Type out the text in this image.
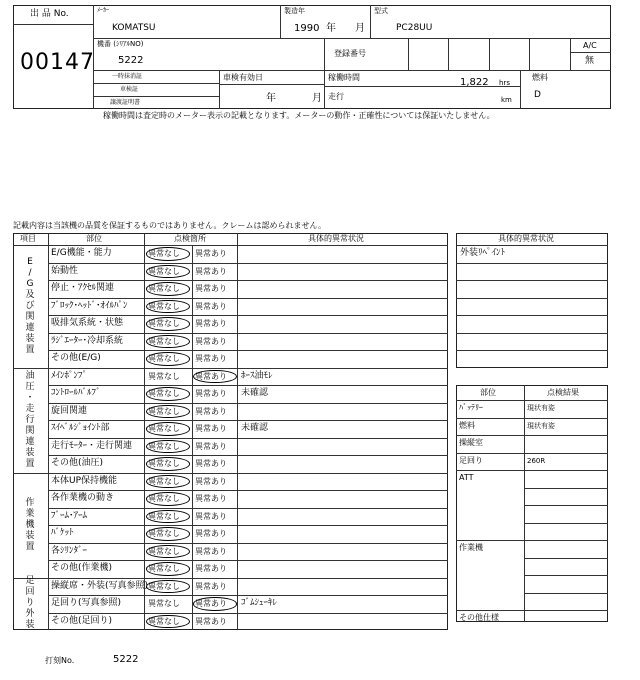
出 品 No.
00147
ﾒｰｶｰ
KOMATSU
製造年
1990 年 月
型式
PC28UU
機番 (ｼﾘｱﾙNO)
5222
登録番号
A/C
無
一時抹消証
車検証
譲渡証明書
車検有効日
年	月
稼働時間	1,822 hrs
走行	km
燃料
D
稼働時間は査定時のメーター表示の記載となります。メーターの動作・正確性については保証いたしません。
記載内容は当該機の品質を保証するものではありません。クレームは認められません。
項目	部位	点検箇所	具体的異常状況
E
/
G
及
び
関
連
装
置
E/G機能・能力	異常なし 異常あり
始動性	異常なし 異常あり
停止・ｱｸｾﾙ関連	異常なし 異常あり
ﾌﾞﾛｯｸ･ﾍｯﾄﾞ･ｵｲﾙﾊﾟﾝ	異常なし 異常あり
吸排気系統・状態	異常なし 異常あり
ﾗｼﾞｴｰﾀｰ･冷却系統	異常なし 異常あり
その他(E/G)	異常なし 異常あり
油
圧
・
走
行
関
連
装
置
ﾒｲﾝﾎﾟﾝﾌﾟ	異常なし 異常あり ﾎｰｽ油ﾓﾚ
ｺﾝﾄﾛｰﾙﾊﾞﾙﾌﾞ	異常なし 異常あり 未確認
旋回関連	異常なし 異常あり
ｽｲﾍﾞﾙｼﾞｮｲﾝﾄ部	異常なし 異常あり 未確認
走行ﾓｰﾀｰ・走行関連 異常なし 異常あり
その他(油圧)	異常なし 異常あり
作
業
機
装
置
本体UP保持機能	異常なし 異常あり
各作業機の動き	異常なし 異常あり
ﾌﾞｰﾑ･ｱｰﾑ	異常なし 異常あり
ﾊﾞｹｯﾄ	異常なし 異常あり
各ｼﾘﾝﾀﾞｰ	異常なし 異常あり
その他(作業機)	異常なし 異常あり
足
回
り
外
装
操縦席・外装(写真参照) 異常なし 異常あり
足回り(写真参照)	異常なし 異常あり ｺﾞﾑｼｭｰｷﾚ
その他(足回り)	異常なし 異常あり
具体的異常状況
外装ﾘﾍﾟｲﾝﾄ
部位	点検結果
ﾊﾞｯﾃﾘｰ	現状有姿
燃料	現状有姿
操縦室
足回り	260R
ATT
作業機
その他仕様
打刻No.	5222
